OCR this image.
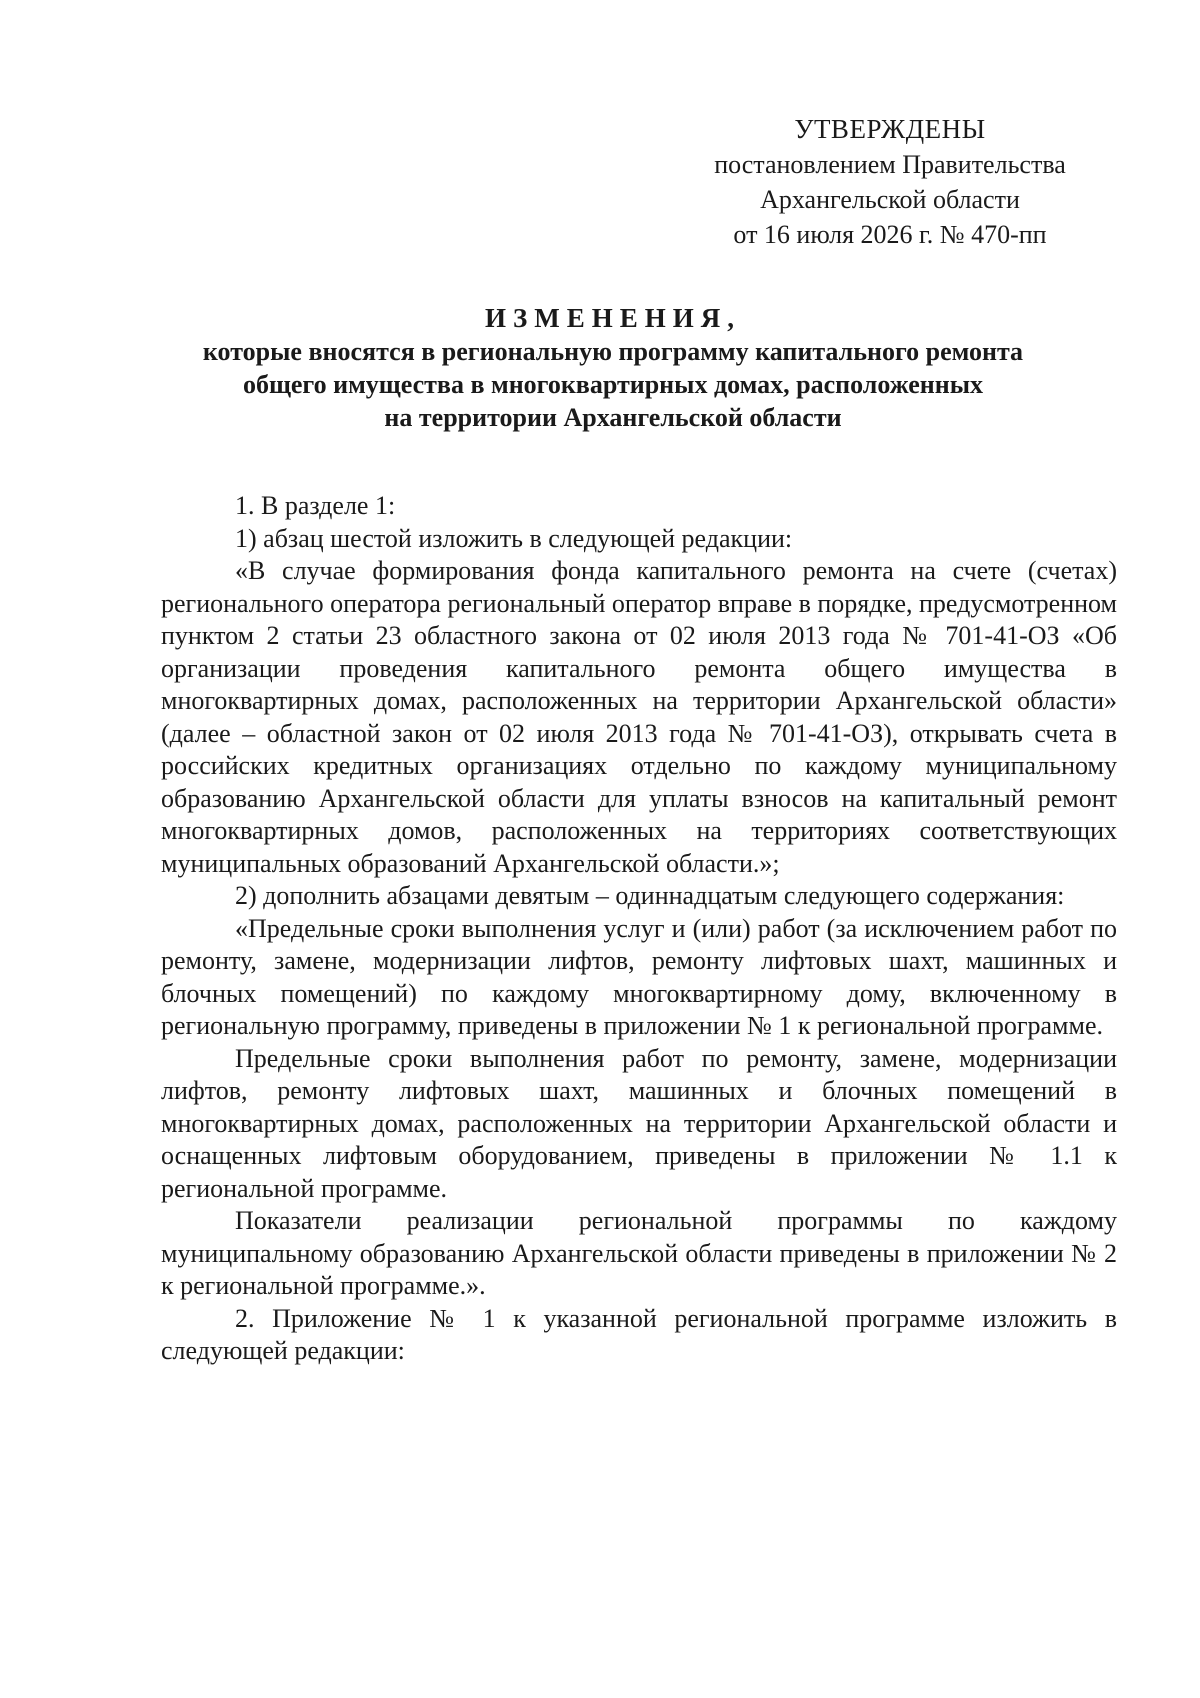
УТВЕРЖДЕНЫ
постановлением Правительства
Архангельской области
от 16 июля 2026 г. № 470-пп
ИЗМЕНЕНИЯ,
которые вносятся в региональную программу капитального ремонта
общего имущества в многоквартирных домах, расположенных
на территории Архангельской области

1. В разделе 1:

1) абзац шестой изложить в следующей редакции:

«В случае формирования фонда капитального ремонта на счете (счетах) регионального оператора региональный оператор вправе в порядке, предусмотренном пунктом 2 статьи 23 областного закона от 02 июля 2013 года № 701-41-ОЗ «Об организации проведения капитального ремонта общего имущества в многоквартирных домах, расположенных на территории Архангельской области» (далее – областной закон от 02 июля 2013 года № 701-41-ОЗ), открывать счета в российских кредитных организациях отдельно по каждому муниципальному образованию Архангельской области для уплаты взносов на капитальный ремонт многоквартирных домов, расположенных на территориях соответствующих муниципальных образований Архангельской области.»;

2) дополнить абзацами девятым – одиннадцатым следующего содержания:

«Предельные сроки выполнения услуг и (или) работ (за исключением работ по ремонту, замене, модернизации лифтов, ремонту лифтовых шахт, машинных и блочных помещений) по каждому многоквартирному дому, включенному в региональную программу, приведены в приложении № 1 к региональной программе.

Предельные сроки выполнения работ по ремонту, замене, модернизации лифтов, ремонту лифтовых шахт, машинных и блочных помещений в многоквартирных домах, расположенных на территории Архангельской области и оснащенных лифтовым оборудованием, приведены в приложении № 1.1 к региональной программе.

Показатели реализации региональной программы по каждому муниципальному образованию Архангельской области приведены в приложении № 2 к региональной программе.».

2. Приложение № 1 к указанной региональной программе изложить в следующей редакции:
